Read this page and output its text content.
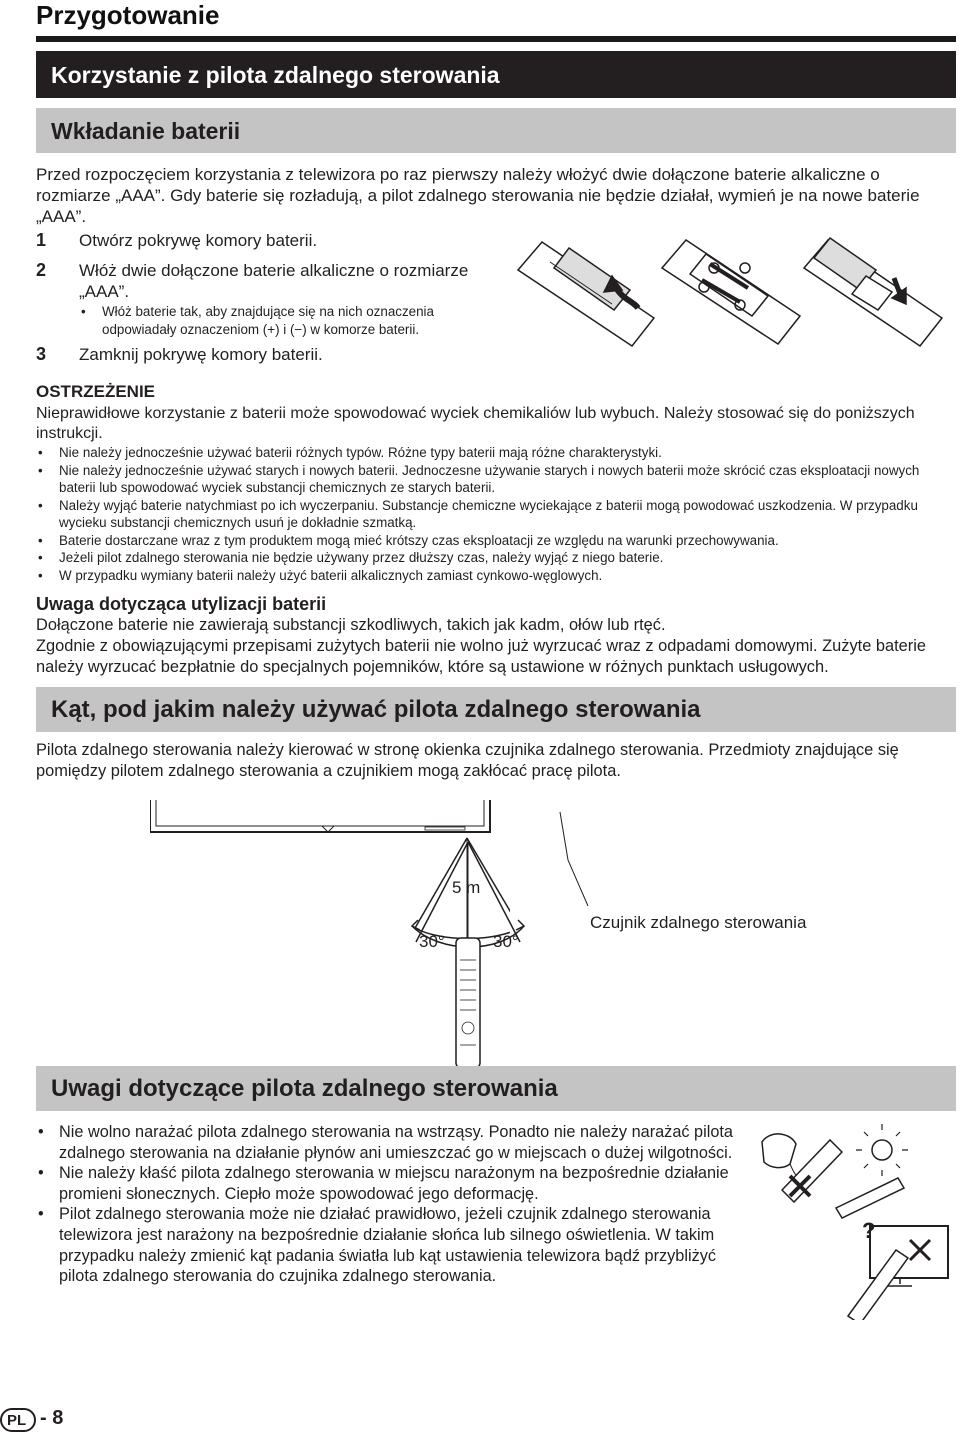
Przygotowanie
Korzystanie z pilota zdalnego sterowania
Wkładanie baterii
Przed rozpoczęciem korzystania z telewizora po raz pierwszy należy włożyć dwie dołączone baterie alkaliczne o rozmiarze „AAA”. Gdy baterie się rozładują, a pilot zdalnego sterowania nie będzie działał, wymień je na nowe baterie „AAA”.
1 Otwórz pokrywę komory baterii.
2 Włóż dwie dołączone baterie alkaliczne o rozmiarze „AAA”.
• Włóż baterie tak, aby znajdujące się na nich oznaczenia odpowiadały oznaczeniom (+) i (−) w komorze baterii.
3 Zamknij pokrywę komory baterii.
OSTRZEŻENIE
Nieprawidłowe korzystanie z baterii może spowodować wyciek chemikaliów lub wybuch. Należy stosować się do poniższych instrukcji.
• Nie należy jednocześnie używać baterii różnych typów. Różne typy baterii mają różne charakterystyki.
• Nie należy jednocześnie używać starych i nowych baterii. Jednoczesne używanie starych i nowych baterii może skrócić czas eksploatacji nowych baterii lub spowodować wyciek substancji chemicznych ze starych baterii.
• Należy wyjąć baterie natychmiast po ich wyczerpaniu. Substancje chemiczne wyciekające z baterii mogą powodować uszkodzenia. W przypadku wycieku substancji chemicznych usuń je dokładnie szmatką.
• Baterie dostarczane wraz z tym produktem mogą mieć krótszy czas eksploatacji ze względu na warunki przechowywania.
• Jeżeli pilot zdalnego sterowania nie będzie używany przez dłuższy czas, należy wyjąć z niego baterie.
• W przypadku wymiany baterii należy użyć baterii alkalicznych zamiast cynkowo-węglowych.
Uwaga dotycząca utylizacji baterii
Dołączone baterie nie zawierają substancji szkodliwych, takich jak kadm, ołów lub rtęć.
Zgodnie z obowiązującymi przepisami zużytych baterii nie wolno już wyrzucać wraz z odpadami domowymi. Zużyte baterie należy wyrzucać bezpłatnie do specjalnych pojemników, które są ustawione w różnych punktach usługowych.
Kąt, pod jakim należy używać pilota zdalnego sterowania
Pilota zdalnego sterowania należy kierować w stronę okienka czujnika zdalnego sterowania. Przedmioty znajdujące się pomiędzy pilotem zdalnego sterowania a czujnikiem mogą zakłócać pracę pilota.
5 m
30°	30°
Czujnik zdalnego sterowania
Uwagi dotyczące pilota zdalnego sterowania
• Nie wolno narażać pilota zdalnego sterowania na wstrząsy. Ponadto nie należy narażać pilota zdalnego sterowania na działanie płynów ani umieszczać go w miejscach o dużej wilgotności.
• Nie należy kłaść pilota zdalnego sterowania w miejscu narażonym na bezpośrednie działanie promieni słonecznych. Ciepło może spowodować jego deformację.
• Pilot zdalnego sterowania może nie działać prawidłowo, jeżeli czujnik zdalnego sterowania telewizora jest narażony na bezpośrednie działanie słońca lub silnego oświetlenia. W takim przypadku należy zmienić kąt padania światła lub kąt ustawienia telewizora bądź przybliżyć pilota zdalnego sterowania do czujnika zdalnego sterowania.
?
PL - 8
